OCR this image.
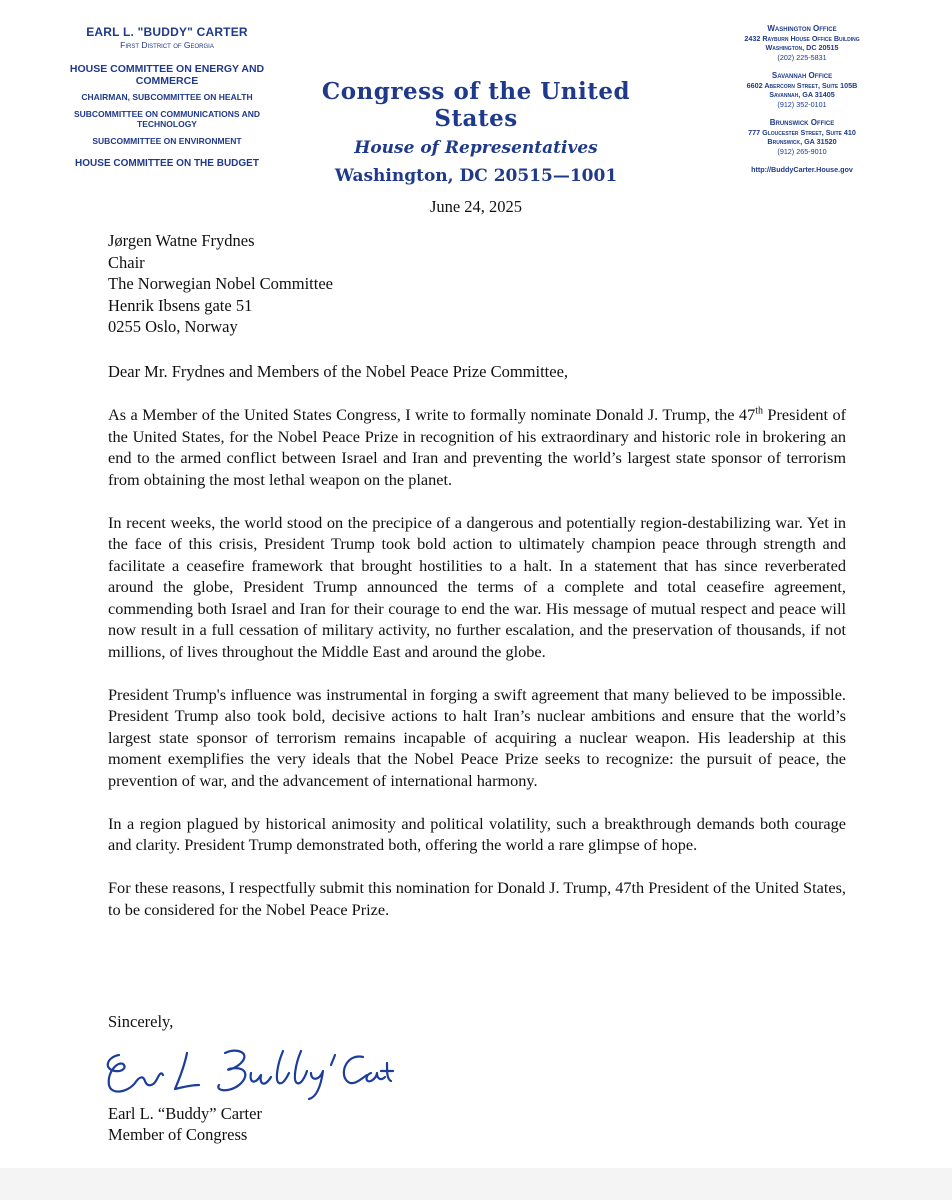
EARL L. "BUDDY" CARTER
First District of Georgia
HOUSE COMMITTEE ON ENERGY AND COMMERCE
CHAIRMAN, SUBCOMMITTEE ON HEALTH
SUBCOMMITTEE ON COMMUNICATIONS AND TECHNOLOGY
SUBCOMMITTEE ON ENVIRONMENT
HOUSE COMMITTEE ON THE BUDGET
Congress of the United States
House of Representatives
Washington, DC 20515—1001
Washington Office
2432 Rayburn House Office Building
Washington, DC 20515
(202) 225-5831
Savannah Office
6602 Abercorn Street, Suite 105B
Savannah, GA 31405
(912) 352-0101
Brunswick Office
777 Gloucester Street, Suite 410
Brunswick, GA 31520
(912) 265-9010
http://BuddyCarter.House.gov
June 24, 2025
Jørgen Watne Frydnes
Chair
The Norwegian Nobel Committee
Henrik Ibsens gate 51
0255 Oslo, Norway
Dear Mr. Frydnes and Members of the Nobel Peace Prize Committee,

As a Member of the United States Congress, I write to formally nominate Donald J. Trump, the 47th President of the United States, for the Nobel Peace Prize in recognition of his extraordinary and historic role in brokering an end to the armed conflict between Israel and Iran and preventing the world’s largest state sponsor of terrorism from obtaining the most lethal weapon on the planet.

In recent weeks, the world stood on the precipice of a dangerous and potentially region-destabilizing war. Yet in the face of this crisis, President Trump took bold action to ultimately champion peace through strength and facilitate a ceasefire framework that brought hostilities to a halt. In a statement that has since reverberated around the globe, President Trump announced the terms of a complete and total ceasefire agreement, commending both Israel and Iran for their courage to end the war. His message of mutual respect and peace will now result in a full cessation of military activity, no further escalation, and the preservation of thousands, if not millions, of lives throughout the Middle East and around the globe.

President Trump's influence was instrumental in forging a swift agreement that many believed to be impossible. President Trump also took bold, decisive actions to halt Iran’s nuclear ambitions and ensure that the world’s largest state sponsor of terrorism remains incapable of acquiring a nuclear weapon. His leadership at this moment exemplifies the very ideals that the Nobel Peace Prize seeks to recognize: the pursuit of peace, the prevention of war, and the advancement of international harmony.

In a region plagued by historical animosity and political volatility, such a breakthrough demands both courage and clarity. President Trump demonstrated both, offering the world a rare glimpse of hope.

For these reasons, I respectfully submit this nomination for Donald J. Trump, 47th President of the United States, to be considered for the Nobel Peace Prize.

Sincerely,
Earl L. “Buddy” Carter
Member of Congress
